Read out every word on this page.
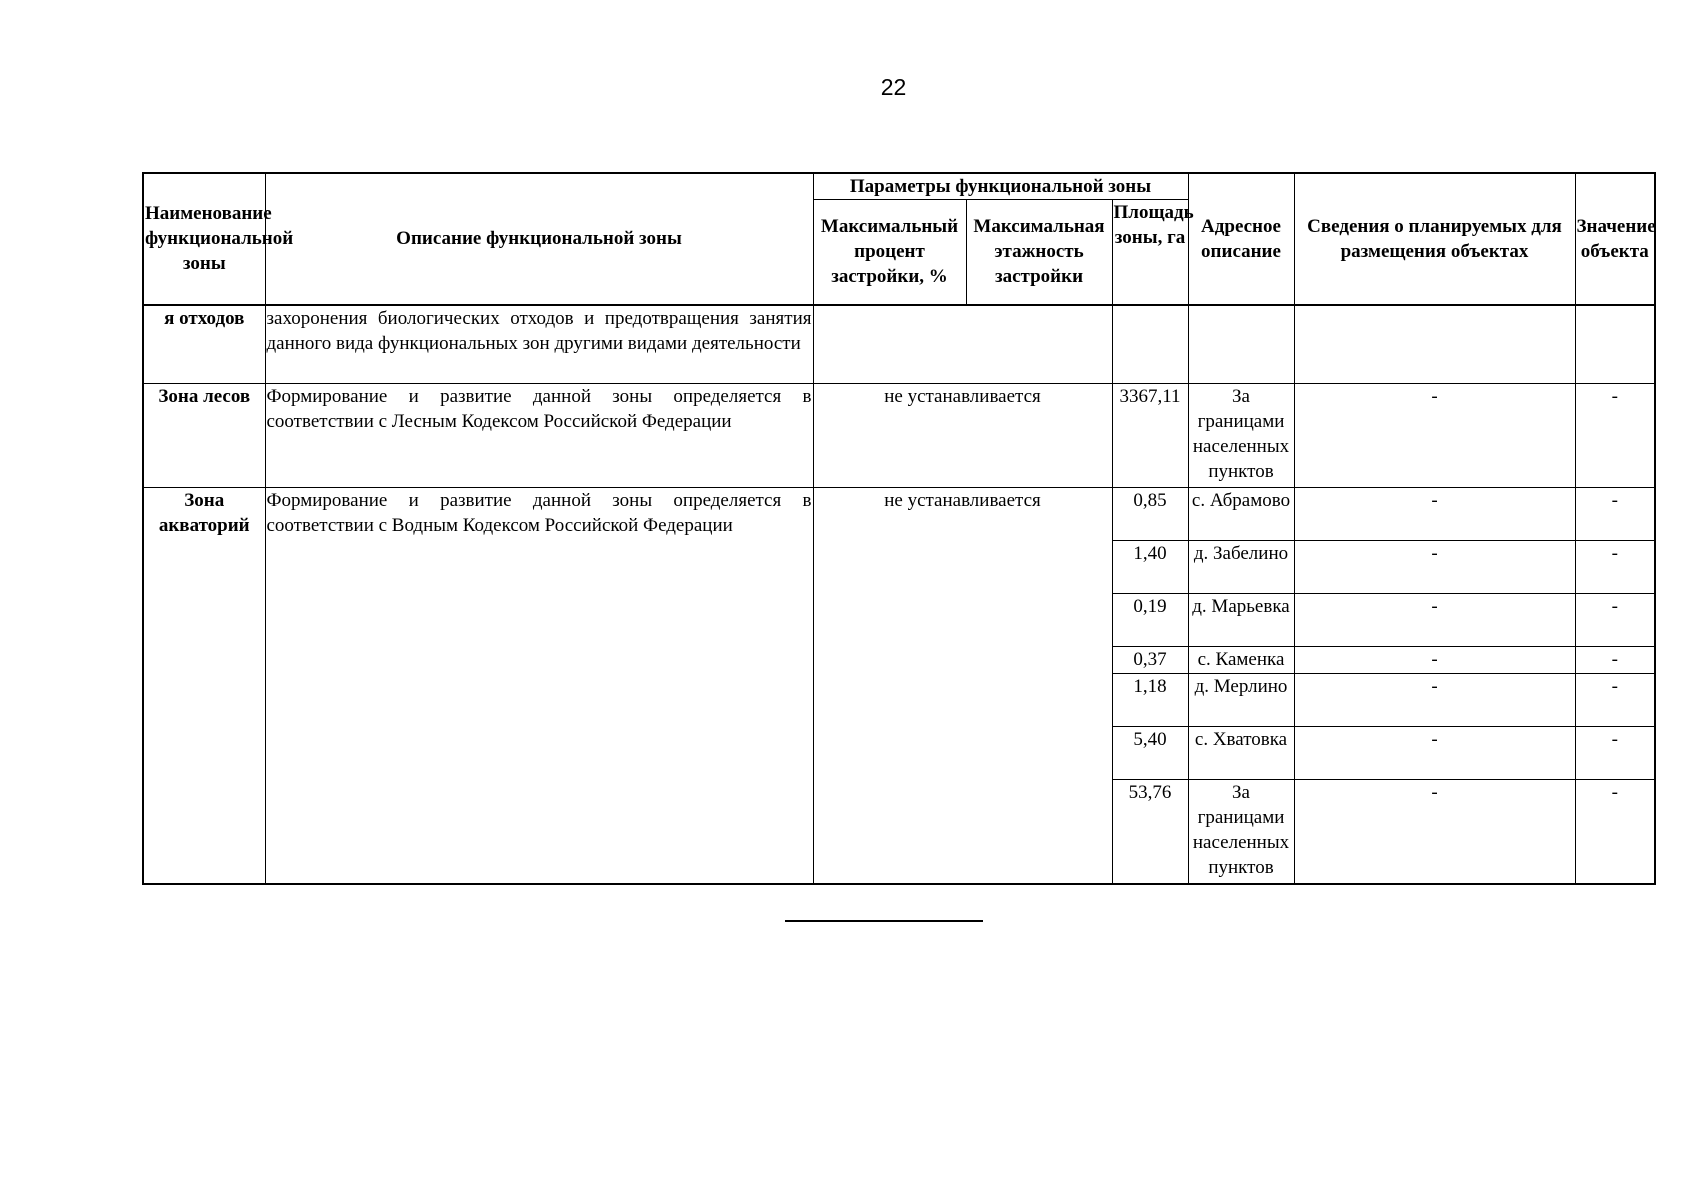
22
Наименование функциональной зоны	Описание функциональной зоны	Параметры функциональной зоны			Адресное описание	Сведения о планируемых для размещения объектах	Значение объекта
		Максимальный процент застройки, %	Максимальная этажность застройки	Площадь зоны, га			
я отходов	захоронения биологических отходов и предотвращения занятия данного вида функциональных зон другими видами деятельности						
Зона лесов	Формирование и развитие данной зоны определяется в соответствии с Лесным Кодексом Российской Федерации	не устанавливается		3367,11	За границами населенных пунктов	-	-
Зона акваторий	Формирование и развитие данной зоны определяется в соответствии с Водным Кодексом Российской Федерации	не устанавливается		0,85	с. Абрамово	-	-
				1,40	д. Забелино	-	-
				0,19	д. Марьевка	-	-
				0,37	с. Каменка	-	-
				1,18	д. Мерлино	-	-
				5,40	с. Хватовка	-	-
				53,76	За границами населенных пунктов	-	-
